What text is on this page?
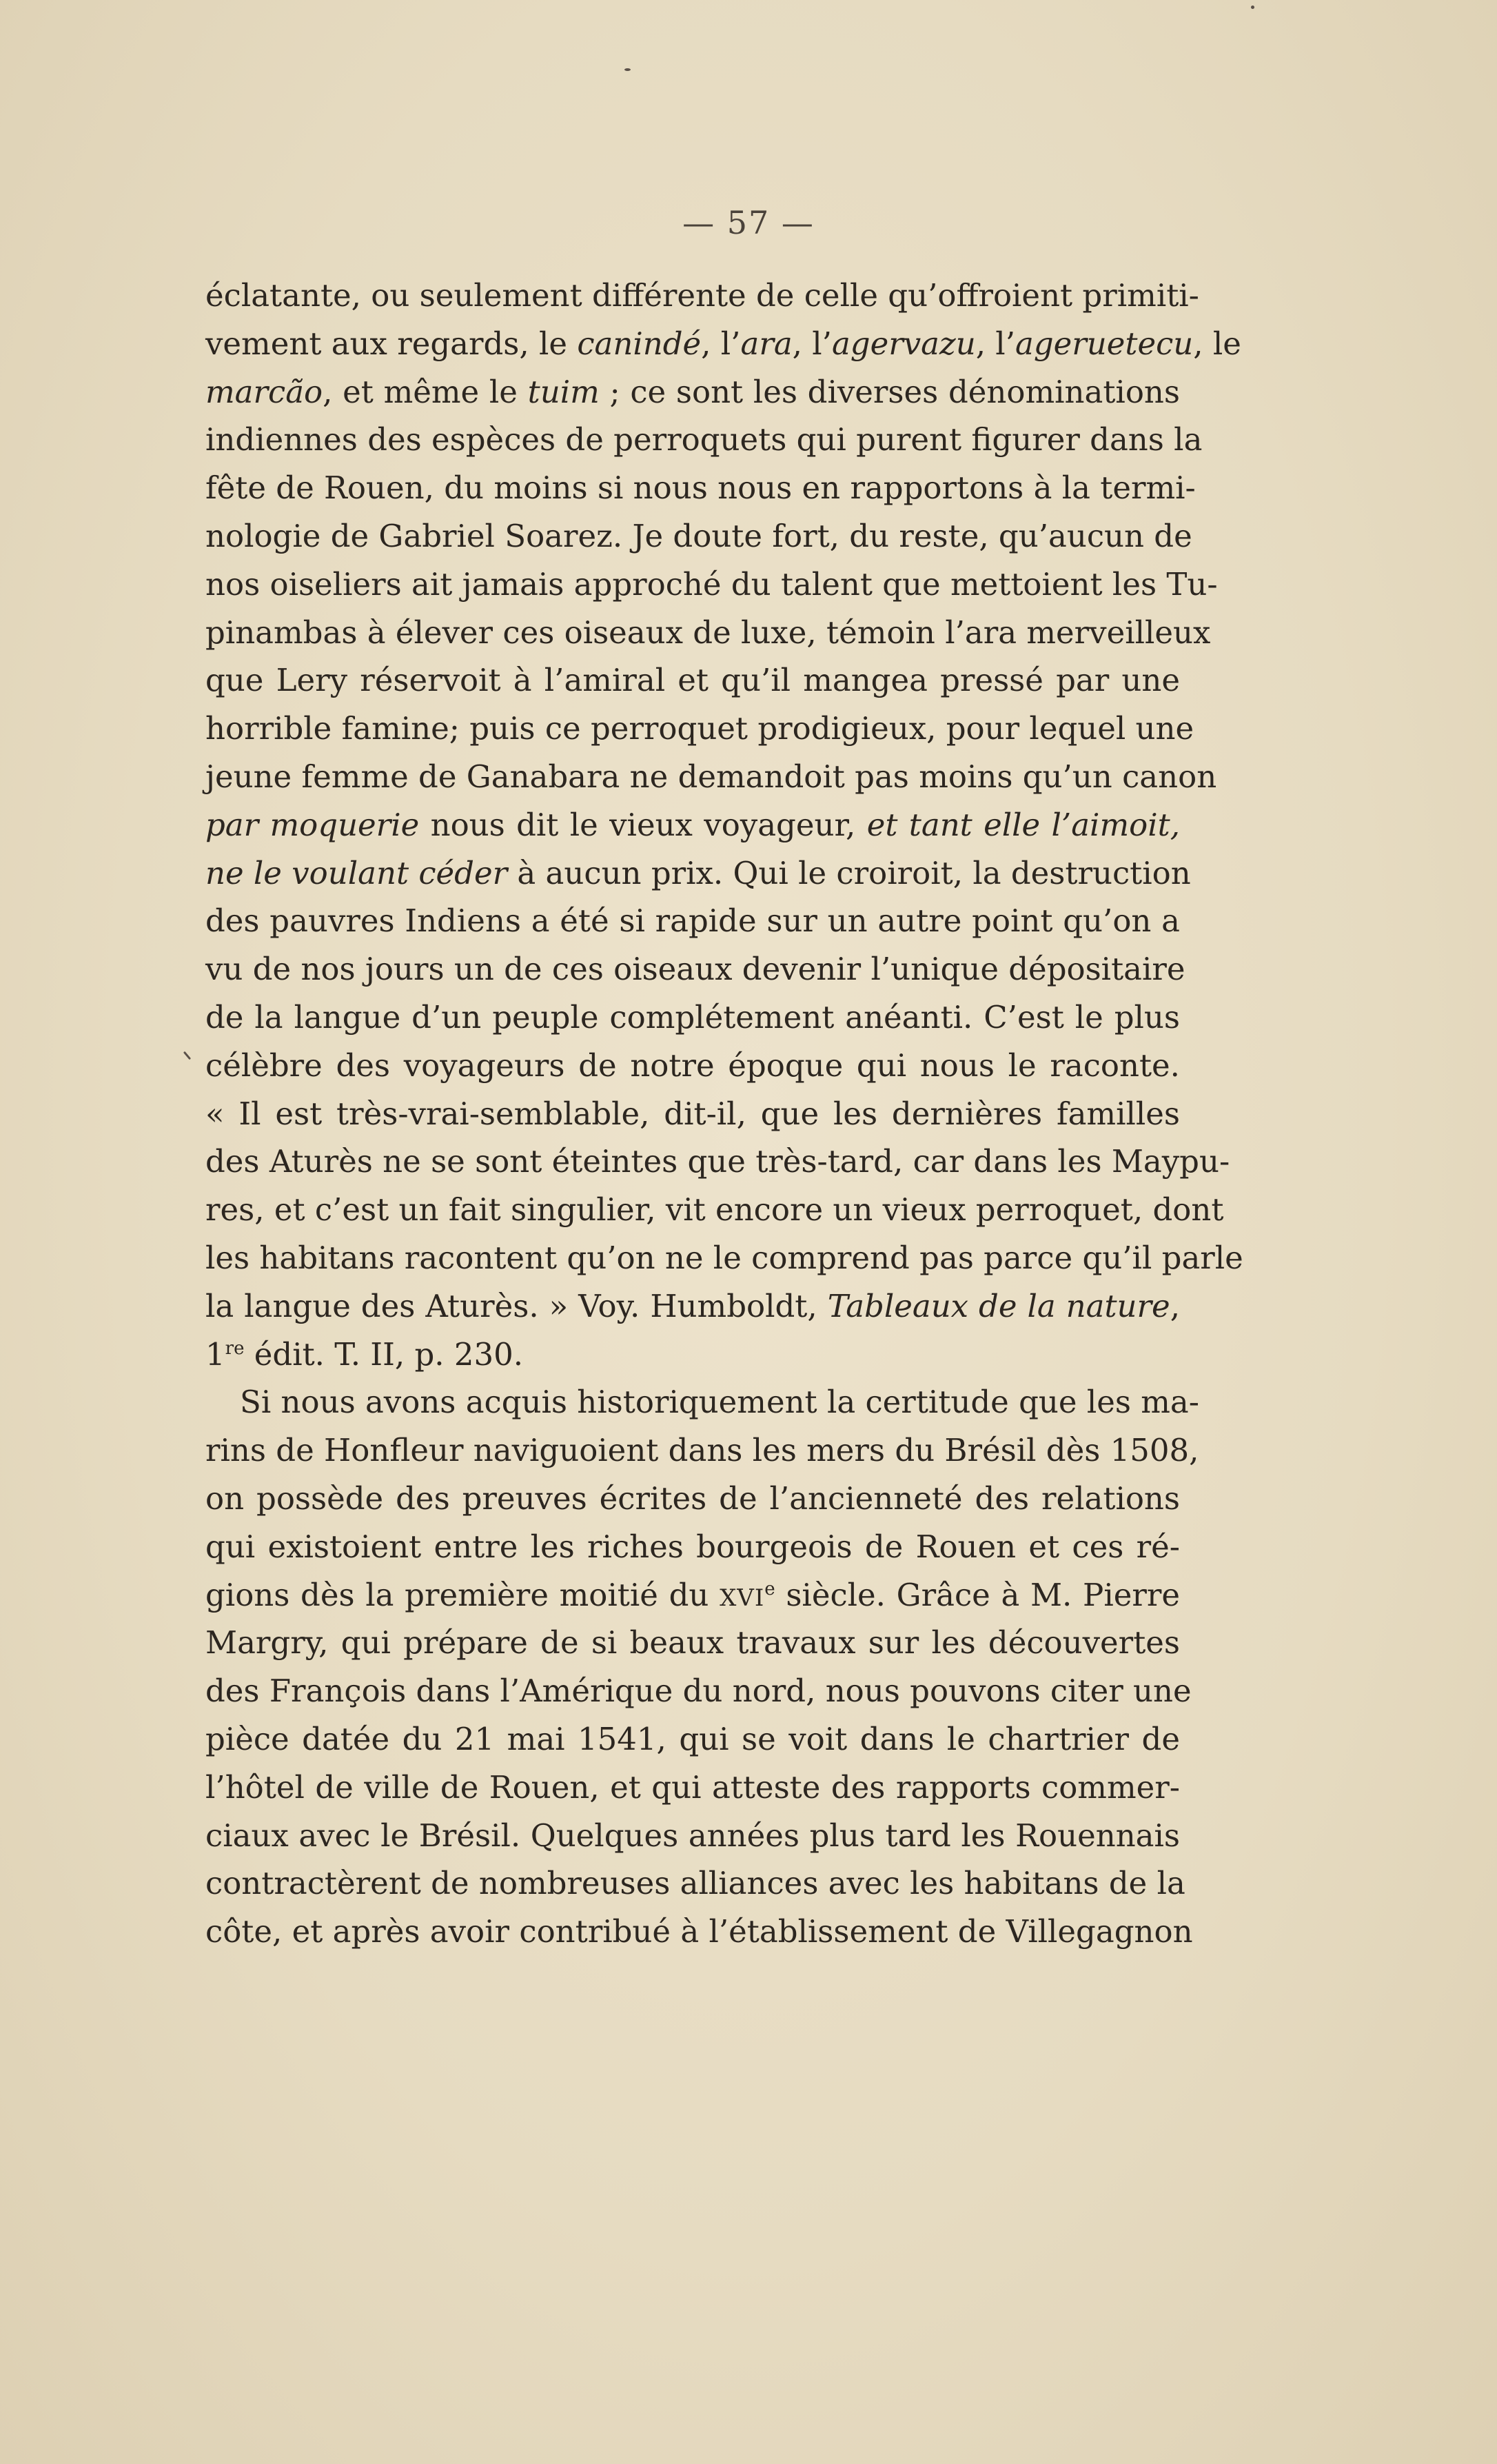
— 57 —
éclatante, ou seulement différente de celle qu’offroient primiti-
vement aux regards, le canindé, l’ara, l’agervazu, l’ageruetecu, le
marcão, et même le tuim ; ce sont les diverses dénominations
indiennes des espèces de perroquets qui purent figurer dans la
fête de Rouen, du moins si nous nous en rapportons à la termi-
nologie de Gabriel Soarez. Je doute fort, du reste, qu’aucun de
nos oiseliers ait jamais approché du talent que mettoient les Tu-
pinambas à élever ces oiseaux de luxe, témoin l’ara merveilleux
que Lery réservoit à l’amiral et qu’il mangea pressé par une
horrible famine; puis ce perroquet prodigieux, pour lequel une
jeune femme de Ganabara ne demandoit pas moins qu’un canon
par moquerie nous dit le vieux voyageur, et tant elle l’aimoit,
ne le voulant céder à aucun prix. Qui le croiroit, la destruction
des pauvres Indiens a été si rapide sur un autre point qu’on a
vu de nos jours un de ces oiseaux devenir l’unique dépositaire
de la langue d’un peuple complétement anéanti. C’est le plus
célèbre des voyageurs de notre époque qui nous le raconte.
« Il est très-vrai-semblable, dit-il, que les dernières familles
des Aturès ne se sont éteintes que très-tard, car dans les Maypu-
res, et c’est un fait singulier, vit encore un vieux perroquet, dont
les habitans racontent qu’on ne le comprend pas parce qu’il parle
la langue des Aturès. » Voy. Humboldt, Tableaux de la nature,
1re édit. T. II, p. 230.
Si nous avons acquis historiquement la certitude que les ma-
rins de Honfleur naviguoient dans les mers du Brésil dès 1508,
on possède des preuves écrites de l’ancienneté des relations
qui existoient entre les riches bourgeois de Rouen et ces ré-
gions dès la première moitié du XVIe siècle. Grâce à M. Pierre
Margry, qui prépare de si beaux travaux sur les découvertes
des François dans l’Amérique du nord, nous pouvons citer une
pièce datée du 21 mai 1541, qui se voit dans le chartrier de
l’hôtel de ville de Rouen, et qui atteste des rapports commer-
ciaux avec le Brésil. Quelques années plus tard les Rouennais
contractèrent de nombreuses alliances avec les habitans de la
côte, et après avoir contribué à l’établissement de Villegagnon
